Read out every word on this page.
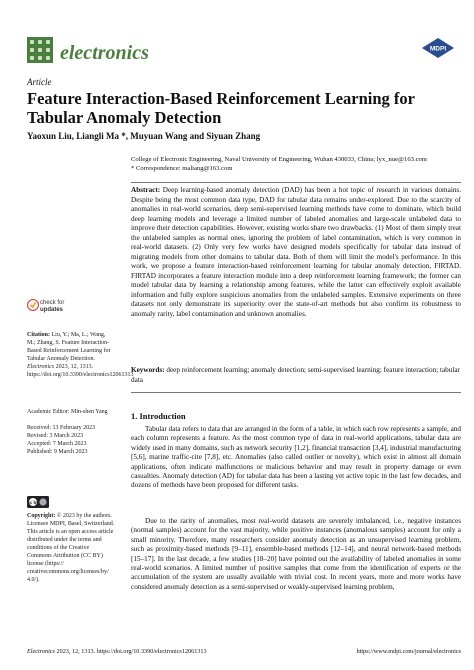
electronics	MDPI
Article
Feature Interaction-Based Reinforcement Learning for Tabular Anomaly Detection
Yaoxun Liu, Liangli Ma *, Muyuan Wang and Siyuan Zhang
College of Electronic Engineering, Naval University of Engineering, Wuhan 430033, China; lyx_nue@163.com
* Correspondence: maliang@163.com
Abstract: Deep learning-based anomaly detection (DAD) has been a hot topic of research in various domains. Despite being the most common data type, DAD for tabular data remains under-explored. Due to the scarcity of anomalies in real-world scenarios, deep semi-supervised learning methods have come to dominate, which build deep learning models and leverage a limited number of labeled anomalies and large-scale unlabeled data to improve their detection capabilities. However, existing works share two drawbacks. (1) Most of them simply treat the unlabeled samples as normal ones, ignoring the problem of label contamination, which is very common in real-world datasets. (2) Only very few works have designed models specifically for tabular data instead of migrating models from other domains to tabular data. Both of them will limit the model's performance. In this work, we propose a feature interaction-based reinforcement learning for tabular anomaly detection, FIRTAD. FIRTAD incorporates a feature interaction module into a deep reinforcement learning framework; the former can model tabular data by learning a relationship among features, while the latter can effectively exploit available information and fully explore suspicious anomalies from the unlabeled samples. Extensive experiments on three datasets not only demonstrate its superiority over the state-of-art methods but also confirm its robustness to anomaly rarity, label contamination and unknown anomalies.
Keywords: deep reinforcement learning; anomaly detection; semi-supervised learning; feature interaction; tabular data
check for
updates
Citation: Liu, Y.; Ma, L.; Wang, M.; Zhang, S. Feature Interaction-Based Reinforcement Learning for Tabular Anomaly Detection. Electronics 2023, 12, 1313. https://doi.org/10.3390/electronics12061313
Academic Editor: Min-shen Yang
Received: 13 February 2023
Revised: 3 March 2023
Accepted: 7 March 2023
Published: 9 March 2023
cc by
Copyright: © 2023 by the authors. Licensee MDPI, Basel, Switzerland. This article is an open access article distributed under the terms and conditions of the Creative Commons Attribution (CC BY) license (https:// creativecommons.org/licenses/by/ 4.0/).
1. Introduction
Tabular data refers to data that are arranged in the form of a table, in which each row represents a sample, and each column represents a feature. As the most common type of data in real-world applications, tabular data are widely used in many domains, such as network security [1,2], financial transaction [3,4], industrial manufacturing [5,6], marine traffic-cite [7,8], etc. Anomalies (also called outlier or novelty), which exist in almost all domain applications, often indicate malfunctions or malicious behavior and may result in property damage or even casualties. Anomaly detection (AD) for tabular data has been a lasting yet active topic in the last few decades, and dozens of methods have been proposed for different tasks.
Due to the rarity of anomalies, most real-world datasets are severely imbalanced, i.e., negative instances (normal samples) account for the vast majority, while positive instances (anomalous samples) account for only a small minority. Therefore, many researchers consider anomaly detection as an unsupervised learning problem, such as proximity-based methods [9–11], ensemble-based methods [12–14], and neural network-based methods [15–17]. In the last decade, a few studies [18–20] have pointed out the availability of labeled anomalies in some real-world scenarios. A limited number of positive samples that come from the identification of experts or the accumulation of the system are usually available with trivial cost. In recent years, more and more works have considered anomaly detection as a semi-supervised or weakly-supervised learning problem,
Electronics 2023, 12, 1313. https://doi.org/10.3390/electronics12061313	https://www.mdpi.com/journal/electronics
